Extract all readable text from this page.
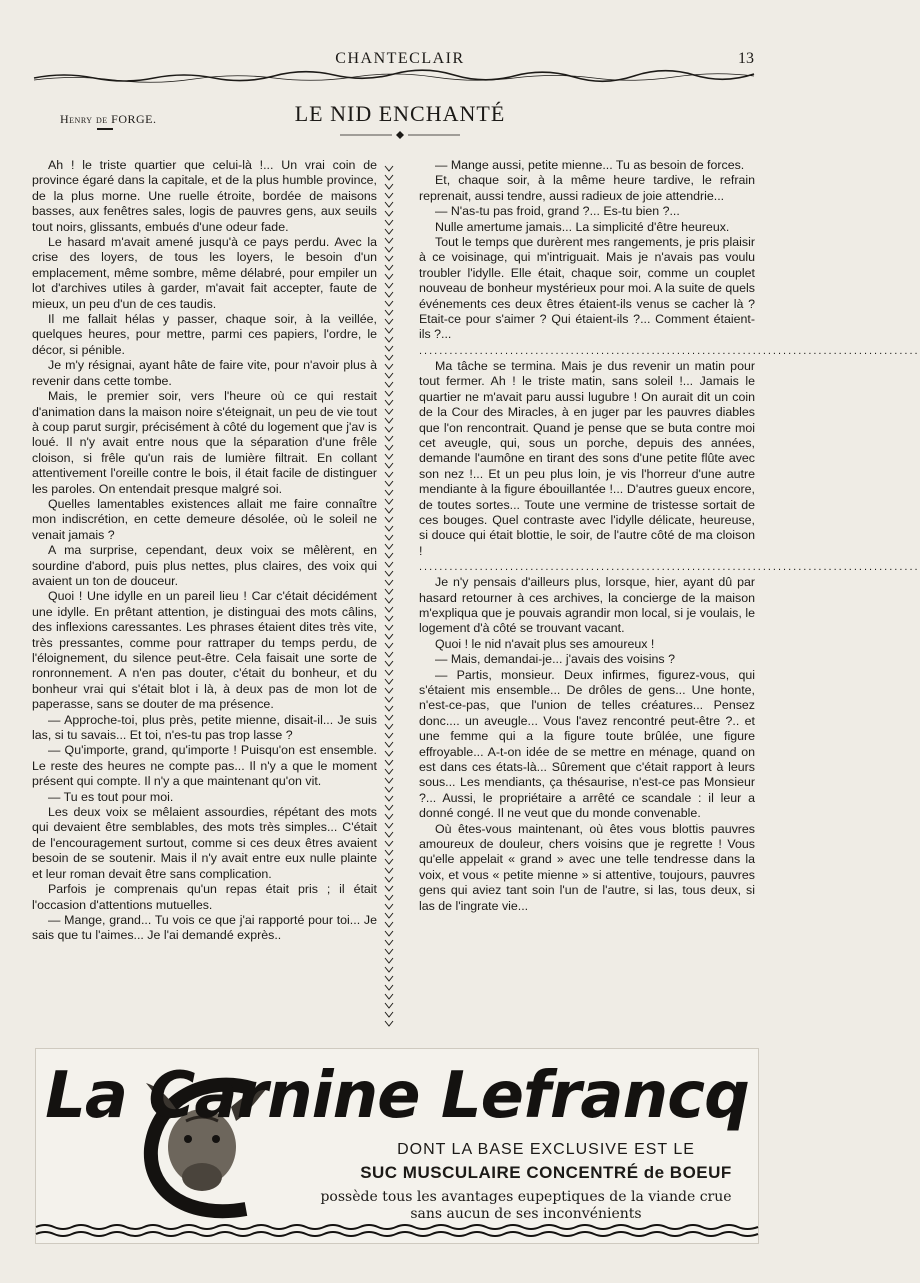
CHANTECLAIR	13
Henry de FORGE.	LE NID ENCHANTÉ

Ah ! le triste quartier que celui-là !... Un vrai coin de province égaré dans la capitale, et de la plus humble province, de la plus morne. Une ruelle étroite, bordée de maisons basses, aux fenêtres sales, logis de pauvres gens, aux seuils tout noirs, glissants, embués d'une odeur fade.

Le hasard m'avait amené jusqu'à ce pays perdu. Avec la crise des loyers, de tous les loyers, le besoin d'un emplacement, même sombre, même délabré, pour empiler un lot d'archives utiles à garder, m'avait fait accepter, faute de mieux, un peu d'un de ces taudis.

Il me fallait hélas y passer, chaque soir, à la veillée, quelques heures, pour mettre, parmi ces papiers, l'ordre, le décor, si pénible.

Je m'y résignai, ayant hâte de faire vite, pour n'avoir plus à revenir dans cette tombe.

Mais, le premier soir, vers l'heure où ce qui restait d'animation dans la maison noire s'éteignait, un peu de vie tout à coup parut surgir, précisément à côté du logement que j'av is loué. Il n'y avait entre nous que la séparation d'une frêle cloison, si frêle qu'un rais de lumière filtrait. En collant attentivement l'oreille contre le bois, il était facile de distinguer les paroles. On entendait presque malgré soi.

Quelles lamentables existences allait me faire connaître mon indiscrétion, en cette demeure désolée, où le soleil ne venait jamais ?

A ma surprise, cependant, deux voix se mêlèrent, en sourdine d'abord, puis plus nettes, plus claires, des voix qui avaient un ton de douceur.

Quoi ! Une idylle en un pareil lieu ! Car c'était décidément une idylle. En prêtant attention, je distinguai des mots câlins, des inflexions caressantes. Les phrases étaient dites très vite, très pressantes, comme pour rattraper du temps perdu, de l'éloignement, du silence peut-être. Cela faisait une sorte de ronronnement. A n'en pas douter, c'était du bonheur, et du bonheur vrai qui s'était blot i là, à deux pas de mon lot de paperasse, sans se douter de ma présence.

— Approche-toi, plus près, petite mienne, disait-il... Je suis las, si tu savais... Et toi, n'es-tu pas trop lasse ?

— Qu'importe, grand, qu'importe ! Puisqu'on est ensemble. Le reste des heures ne compte pas... Il n'y a que le moment présent qui compte. Il n'y a que maintenant qu'on vit.

— Tu es tout pour moi.

Les deux voix se mêlaient assourdies, répétant des mots qui devaient être semblables, des mots très simples... C'était de l'encouragement surtout, comme si ces deux êtres avaient besoin de se soutenir. Mais il n'y avait entre eux nulle plainte et leur roman devait être sans complication.

Parfois je comprenais qu'un repas était pris ; il était l'occasion d'attentions mutuelles.

— Mange, grand... Tu vois ce que j'ai rapporté pour toi... Je sais que tu l'aimes... Je l'ai demandé exprès..

— Mange aussi, petite mienne... Tu as besoin de forces.

Et, chaque soir, à la même heure tardive, le refrain reprenait, aussi tendre, aussi radieux de joie attendrie...

— N'as-tu pas froid, grand ?... Es-tu bien ?...

Nulle amertume jamais... La simplicité d'être heureux.

Tout le temps que durèrent mes rangements, je pris plaisir à ce voisinage, qui m'intriguait. Mais je n'avais pas voulu troubler l'idylle. Elle était, chaque soir, comme un couplet nouveau de bonheur mystérieux pour moi. A la suite de quels événements ces deux êtres étaient-ils venus se cacher là ? Etait-ce pour s'aimer ? Qui étaient-ils ?... Comment étaient-ils ?...

...................................................................................................

Ma tâche se termina. Mais je dus revenir un matin pour tout fermer. Ah ! le triste matin, sans soleil !... Jamais le quartier ne m'avait paru aussi lugubre ! On aurait dit un coin de la Cour des Miracles, à en juger par les pauvres diables que l'on rencontrait. Quand je pense que se buta contre moi cet aveugle, qui, sous un porche, depuis des années, demande l'aumône en tirant des sons d'une petite flûte avec son nez !... Et un peu plus loin, je vis l'horreur d'une autre mendiante à la figure ébouillantée !... D'autres gueux encore, de toutes sortes... Toute une vermine de tristesse sortait de ces bouges. Quel contraste avec l'idylle délicate, heureuse, si douce qui était blottie, le soir, de l'autre côté de ma cloison !

...................................................................................................

Je n'y pensais d'ailleurs plus, lorsque, hier, ayant dû par hasard retourner à ces archives, la concierge de la maison m'expliqua que je pouvais agrandir mon local, si je voulais, le logement d'à côté se trouvant vacant.

Quoi ! le nid n'avait plus ses amoureux !

— Mais, demandai-je... j'avais des voisins ?

— Partis, monsieur. Deux infirmes, figurez-vous, qui s'étaient mis ensemble... De drôles de gens... Une honte, n'est-ce-pas, que l'union de telles créatures... Pensez donc.... un aveugle... Vous l'avez rencontré peut-être ?.. et une femme qui a la figure toute brûlée, une figure effroyable... A-t-on idée de se mettre en ménage, quand on est dans ces états-là... Sûrement que c'était rapport à leurs sous... Les mendiants, ça thésaurise, n'est-ce pas Monsieur ?... Aussi, le propriétaire a arrêté ce scandale : il leur a donné congé. Il ne veut que du monde convenable.

Où êtes-vous maintenant, où êtes vous blottis pauvres amoureux de douleur, chers voisins que je regrette ! Vous qu'elle appelait « grand » avec une telle tendresse dans la voix, et vous « petite mienne » si attentive, toujours, pauvres gens qui aviez tant soin l'un de l'autre, si las, tous deux, si las de l'ingrate vie...

La Carnine Lefrancq
DONT LA BASE EXCLUSIVE EST LE
SUC MUSCULAIRE CONCENTRÉ de BOEUF
possède tous les avantages eupeptiques de la viande crue sans aucun de ses inconvénients
